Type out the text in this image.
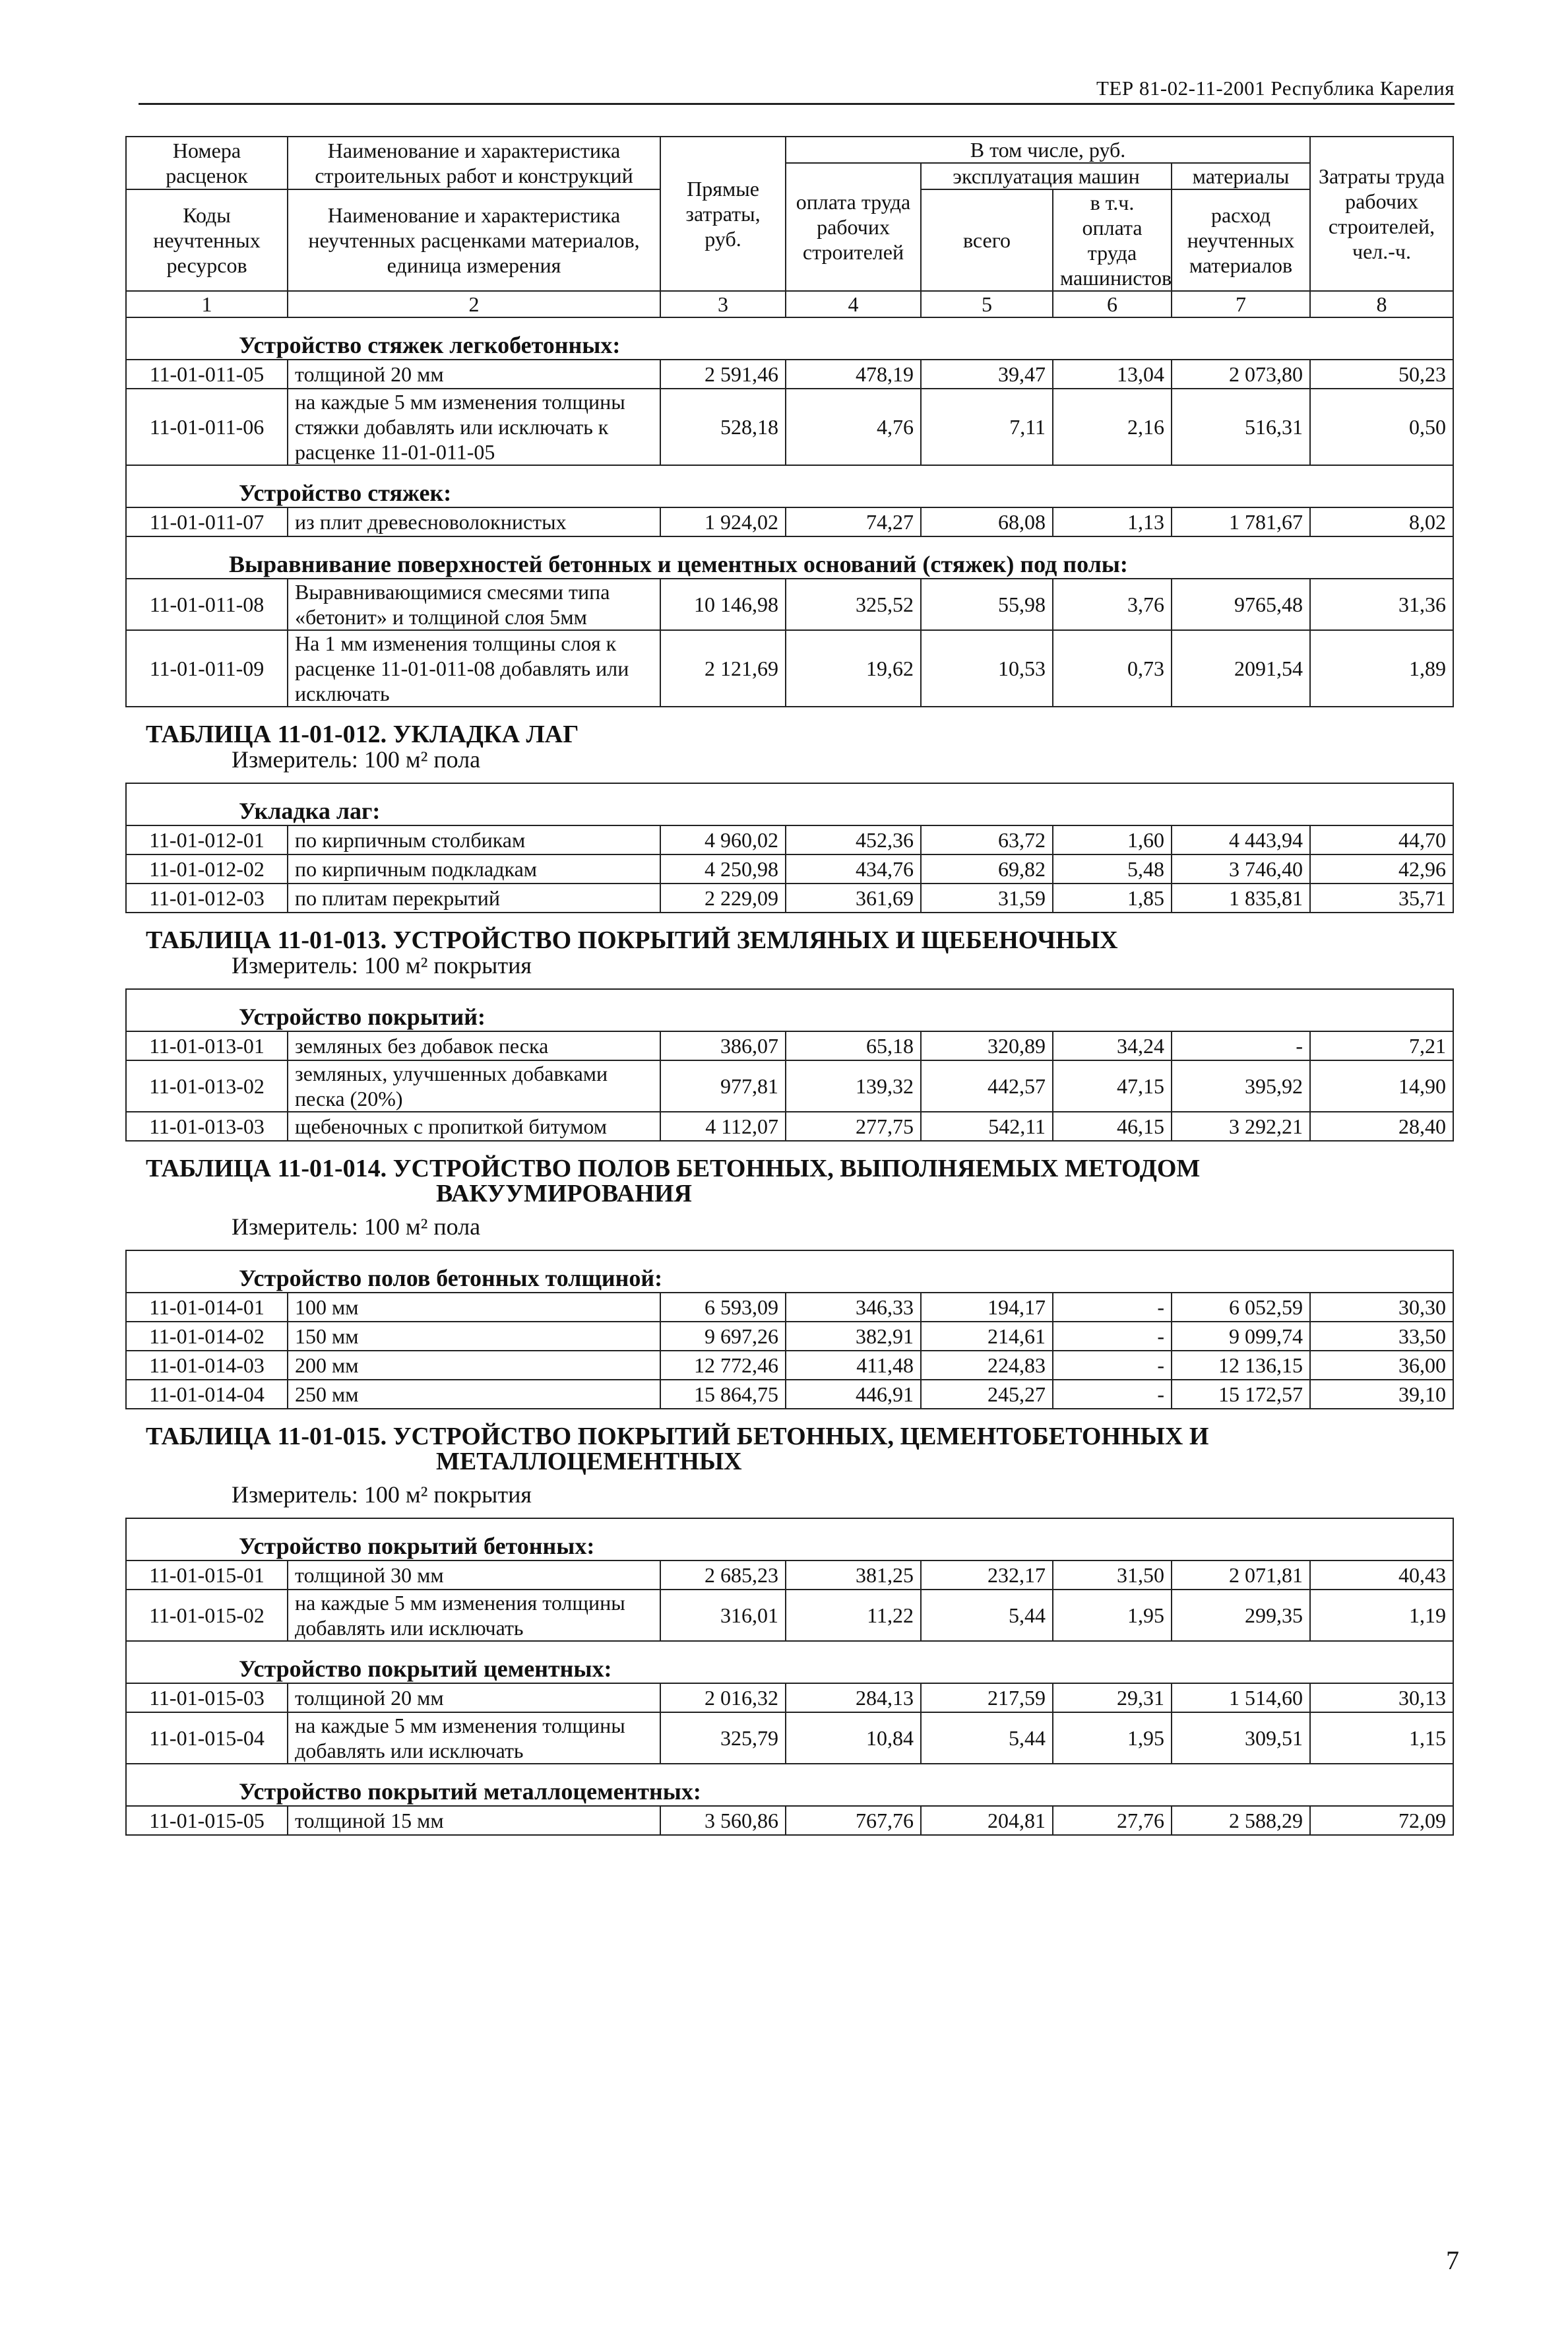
ТЕР 81-02-11-2001 Республика Карелия
Номера расценок	Наименование и характеристика строительных работ и конструкций	Прямые затраты, руб.	В том числе, руб.				Затраты труда рабочих строителей, чел.-ч.
			оплата труда рабочих строителей	эксплуатация машин		материалы	
Коды неучтенных ресурсов	Наименование и характеристика неучтенных расценками материалов, единица измерения			всего	в т.ч. оплата труда машинистов	расход неучтенных материалов	

1	2	3	4	5	6	7	8
Устройство стяжек легкобетонных:							
11-01-011-05	толщиной 20 мм	2 591,46	478,19	39,47	13,04	2 073,80	50,23
11-01-011-06	на каждые 5 мм изменения толщины стяжки добавлять или исключать к расценке 11-01-011-05	528,18	4,76	7,11	2,16	516,31	0,50
Устройство стяжек:							
11-01-011-07	из плит древесноволокнистых	1 924,02	74,27	68,08	1,13	1 781,67	8,02
Выравнивание поверхностей бетонных и цементных оснований (стяжек) под полы:							
11-01-011-08	Выравнивающимися смесями типа «бетонит» и толщиной слоя 5мм	10 146,98	325,52	55,98	3,76	9765,48	31,36
11-01-011-09	На 1 мм изменения толщины слоя к расценке 11-01-011-08 добавлять или исключать	2 121,69	19,62	10,53	0,73	2091,54	1,89
ТАБЛИЦА 11-01-012. УКЛАДКА ЛАГ							
Измеритель: 100 м² пола							
Укладка лаг:							
11-01-012-01	по кирпичным столбикам	4 960,02	452,36	63,72	1,60	4 443,94	44,70
11-01-012-02	по кирпичным подкладкам	4 250,98	434,76	69,82	5,48	3 746,40	42,96
11-01-012-03	по плитам перекрытий	2 229,09	361,69	31,59	1,85	1 835,81	35,71
ТАБЛИЦА 11-01-013. УСТРОЙСТВО ПОКРЫТИЙ ЗЕМЛЯНЫХ И ЩЕБЕНОЧНЫХ							
Измеритель: 100 м² покрытия							
Устройство покрытий:							
11-01-013-01	земляных без добавок песка	386,07	65,18	320,89	34,24	-	7,21
11-01-013-02	земляных, улучшенных добавками песка (20%)	977,81	139,32	442,57	47,15	395,92	14,90
11-01-013-03	щебеночных с пропиткой битумом	4 112,07	277,75	542,11	46,15	3 292,21	28,40
ТАБЛИЦА 11-01-014. УСТРОЙСТВО ПОЛОВ БЕТОННЫХ, ВЫПОЛНЯЕМЫХ МЕТОДОМ							
ВАКУУМИРОВАНИЯ							
Измеритель: 100 м² пола							
Устройство полов бетонных толщиной:							
11-01-014-01	100 мм	6 593,09	346,33	194,17	-	6 052,59	30,30
11-01-014-02	150 мм	9 697,26	382,91	214,61	-	9 099,74	33,50
11-01-014-03	200 мм	12 772,46	411,48	224,83	-	12 136,15	36,00
11-01-014-04	250 мм	15 864,75	446,91	245,27	-	15 172,57	39,10
ТАБЛИЦА 11-01-015. УСТРОЙСТВО ПОКРЫТИЙ БЕТОННЫХ, ЦЕМЕНТОБЕТОННЫХ И							
МЕТАЛЛОЦЕМЕНТНЫХ							
Измеритель: 100 м² покрытия							
Устройство покрытий бетонных:							
11-01-015-01	толщиной 30 мм	2 685,23	381,25	232,17	31,50	2 071,81	40,43
11-01-015-02	на каждые 5 мм изменения толщины добавлять или исключать	316,01	11,22	5,44	1,95	299,35	1,19
Устройство покрытий цементных:							
11-01-015-03	толщиной 20 мм	2 016,32	284,13	217,59	29,31	1 514,60	30,13
11-01-015-04	на каждые 5 мм изменения толщины добавлять или исключать	325,79	10,84	5,44	1,95	309,51	1,15
Устройство покрытий металлоцементных:							
11-01-015-05	толщиной 15 мм	3 560,86	767,76	204,81	27,76	2 588,29	72,09
7
